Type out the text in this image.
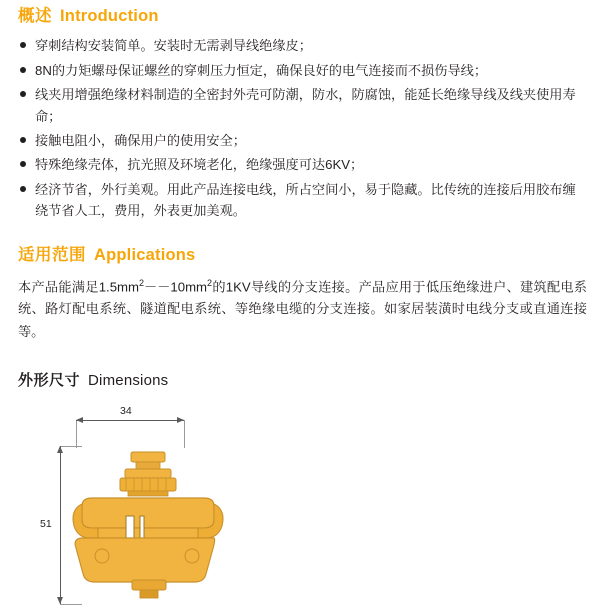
概述 Introduction
穿刺结构安装简单。安装时无需剥导线绝缘皮；
8N的力矩螺母保证螺丝的穿刺压力恒定，确保良好的电气连接而不损伤导线；
线夹用增强绝缘材料制造的全密封外壳可防潮，防水，防腐蚀，能延长绝缘导线及线夹使用寿命；
接触电阻小，确保用户的使用安全；
特殊绝缘壳体，抗光照及环境老化，绝缘强度可达6KV；
经济节省，外行美观。用此产品连接电线，所占空间小，易于隐藏。比传统的连接后用胶布缠绕节省人工，费用，外表更加美观。
适用范围 Applications

本产品能满足$1.5mm^2--10mm^2$的1KV导线的分支连接。产品应用于低压绝缘进户、建筑配电系统、路灯配电系统、隧道配电系统、等绝缘电缆的分支连接。如家居装潢时电线分支或直通连接等。

外形尺寸 Dimensions
34
51
